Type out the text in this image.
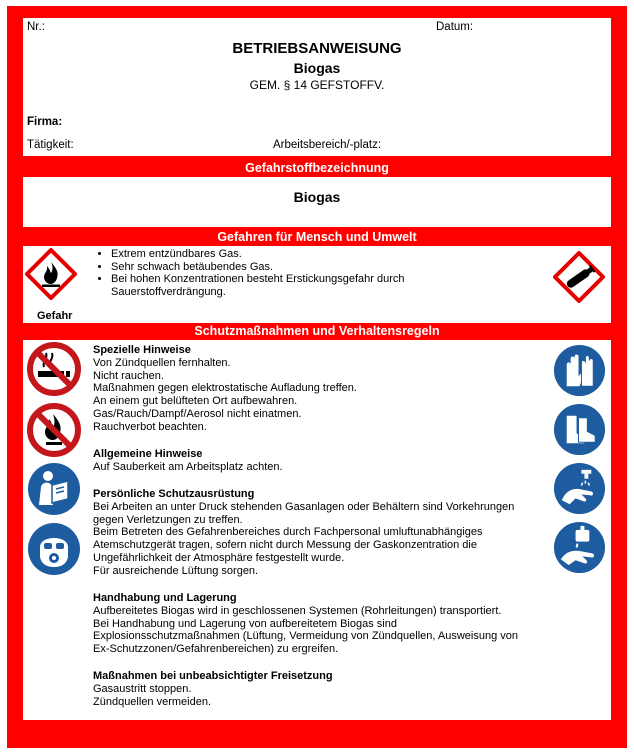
Nr.:	Datum:
BETRIEBSANWEISUNG
Biogas
GEM. § 14 GEFSTOFFV.
Firma:
Tätigkeit:	Arbeitsbereich/-platz:
Gefahrstoffbezeichnung
Biogas
Gefahren für Mensch und Umwelt
Gefahr
• Extrem entzündbares Gas.
• Sehr schwach betäubendes Gas.
• Bei hohen Konzentrationen besteht Erstickungsgefahr durch
Sauerstoffverdrängung.
Schutzmaßnahmen und Verhaltensregeln
Spezielle Hinweise
Von Zündquellen fernhalten.
Nicht rauchen.
Maßnahmen gegen elektrostatische Aufladung treffen.
An einem gut belüfteten Ort aufbewahren.
Gas/Rauch/Dampf/Aerosol nicht einatmen.
Rauchverbot beachten.
Allgemeine Hinweise
Auf Sauberkeit am Arbeitsplatz achten.
Persönliche Schutzausrüstung
Bei Arbeiten an unter Druck stehenden Gasanlagen oder Behältern sind Vorkehrungen
gegen Verletzungen zu treffen.
Beim Betreten des Gefahrenbereiches durch Fachpersonal umluftunabhängiges
Atemschutzgerät tragen, sofern nicht durch Messung der Gaskonzentration die
Ungefährlichkeit der Atmosphäre festgestellt wurde.
Für ausreichende Lüftung sorgen.
Handhabung und Lagerung
Aufbereitetes Biogas wird in geschlossenen Systemen (Rohrleitungen) transportiert.
Bei Handhabung und Lagerung von aufbereitetem Biogas sind
Explosionsschutzmaßnahmen (Lüftung, Vermeidung von Zündquellen, Ausweisung von
Ex-Schutzzonen/Gefahrenbereichen) zu ergreifen.
Maßnahmen bei unbeabsichtigter Freisetzung
Gasaustritt stoppen.
Zündquellen vermeiden.
